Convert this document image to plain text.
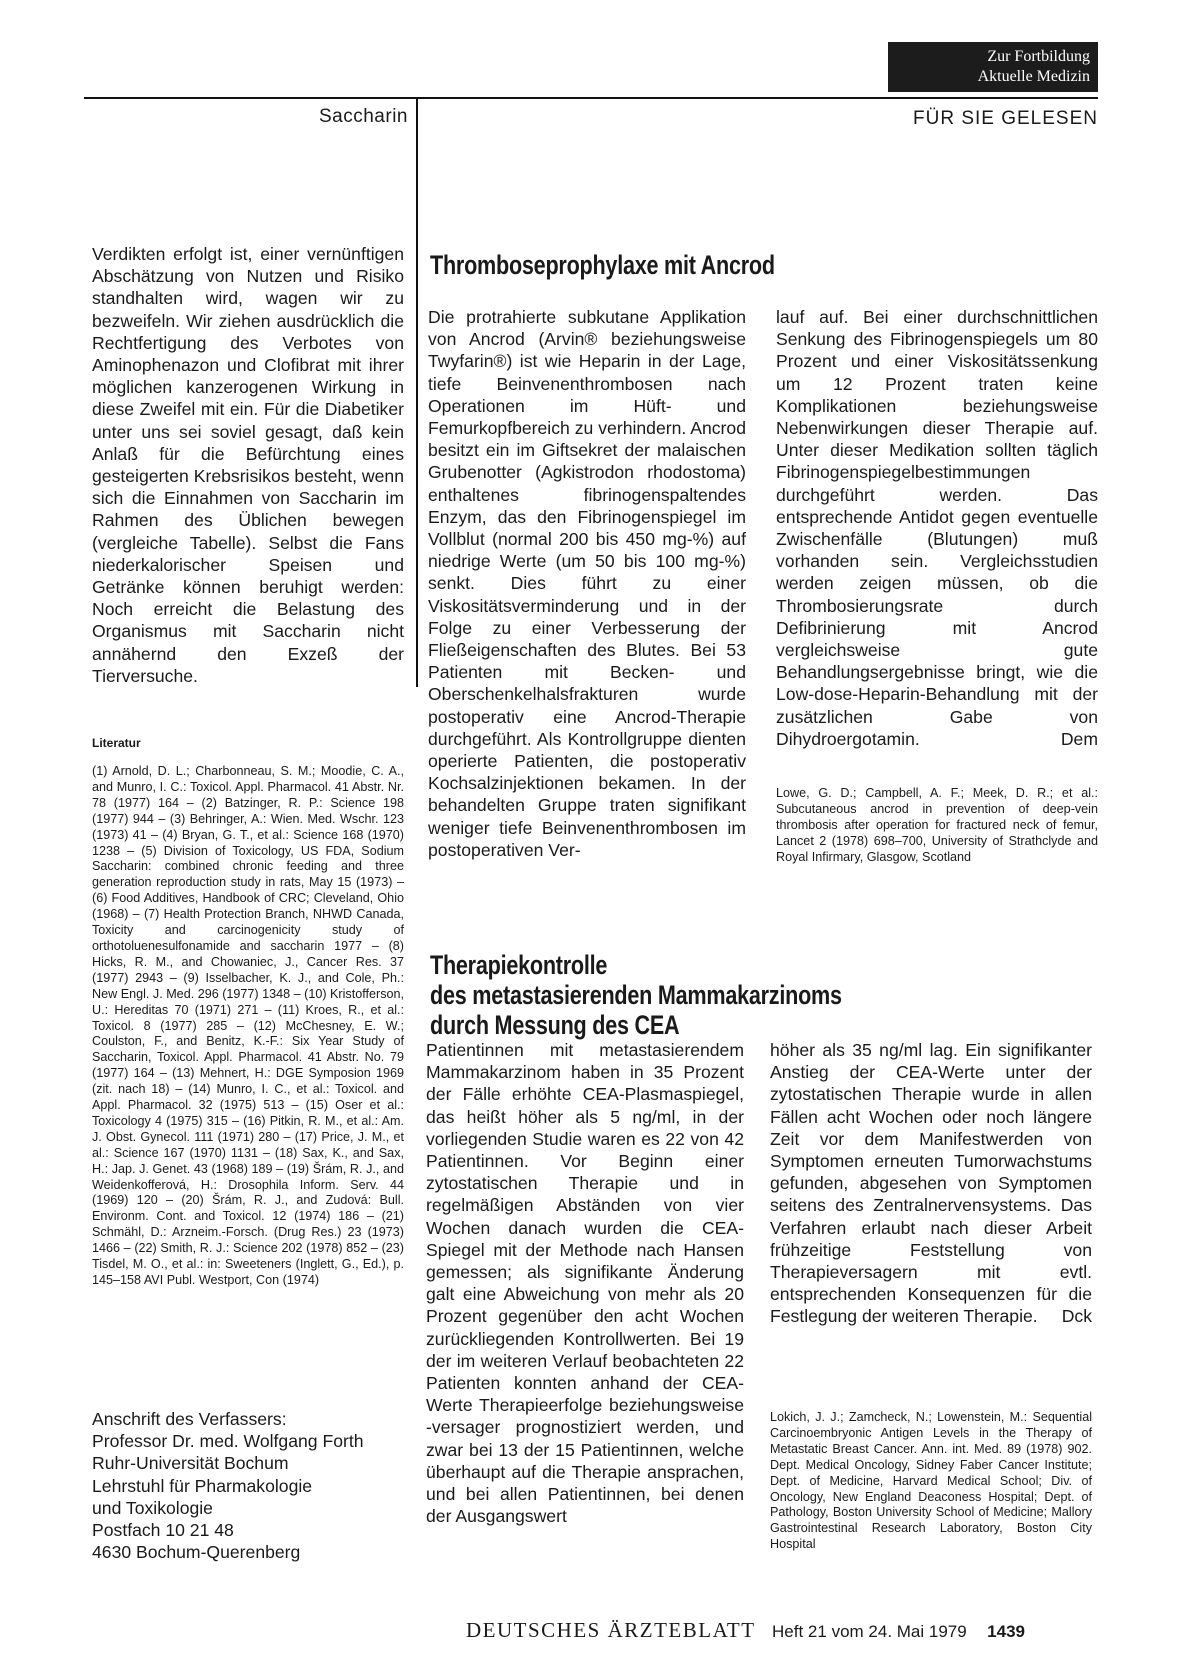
Zur Fortbildung
Aktuelle Medizin
Saccharin	FÜR SIE GELESEN
Verdikten erfolgt ist, einer vernünftigen Abschätzung von Nutzen und Risiko standhalten wird, wagen wir zu bezweifeln. Wir ziehen ausdrücklich die Rechtfertigung des Verbotes von Aminophenazon und Clofibrat mit ihrer möglichen kanzerogenen Wirkung in diese Zweifel mit ein. Für die Diabetiker unter uns sei soviel gesagt, daß kein Anlaß für die Befürchtung eines gesteigerten Krebsrisikos besteht, wenn sich die Einnahmen von Saccharin im Rahmen des Üblichen bewegen (vergleiche Tabelle). Selbst die Fans niederkalorischer Speisen und Getränke können beruhigt werden: Noch erreicht die Belastung des Organismus mit Saccharin nicht annähernd den Exzeß der Tierversuche.
Literatur
(1) Arnold, D. L.; Charbonneau, S. M.; Moodie, C. A., and Munro, I. C.: Toxicol. Appl. Pharmacol. 41 Abstr. Nr. 78 (1977) 164 – (2) Batzinger, R. P.: Science 198 (1977) 944 – (3) Behringer, A.: Wien. Med. Wschr. 123 (1973) 41 – (4) Bryan, G. T., et al.: Science 168 (1970) 1238 – (5) Division of Toxicology, US FDA, Sodium Saccharin: combined chronic feeding and three generation reproduction study in rats, May 15 (1973) – (6) Food Additives, Handbook of CRC; Cleveland, Ohio (1968) – (7) Health Protection Branch, NHWD Canada, Toxicity and carcinogenicity study of orthotoluenesulfonamide and saccharin 1977 – (8) Hicks, R. M., and Chowaniec, J., Cancer Res. 37 (1977) 2943 – (9) Isselbacher, K. J., and Cole, Ph.: New Engl. J. Med. 296 (1977) 1348 – (10) Kristofferson, U.: Hereditas 70 (1971) 271 – (11) Kroes, R., et al.: Toxicol. 8 (1977) 285 – (12) McChesney, E. W.; Coulston, F., and Benitz, K.-F.: Six Year Study of Saccharin, Toxicol. Appl. Pharmacol. 41 Abstr. No. 79 (1977) 164 – (13) Mehnert, H.: DGE Symposion 1969 (zit. nach 18) – (14) Munro, I. C., et al.: Toxicol. and Appl. Pharmacol. 32 (1975) 513 – (15) Oser et al.: Toxicology 4 (1975) 315 – (16) Pitkin, R. M., et al.: Am. J. Obst. Gynecol. 111 (1971) 280 – (17) Price, J. M., et al.: Science 167 (1970) 1131 – (18) Sax, K., and Sax, H.: Jap. J. Genet. 43 (1968) 189 – (19) Šrám, R. J., and Weidenkofferová, H.: Drosophila Inform. Serv. 44 (1969) 120 – (20) Šrám, R. J., and Zudová: Bull. Environm. Cont. and Toxicol. 12 (1974) 186 – (21) Schmähl, D.: Arzneim.-Forsch. (Drug Res.) 23 (1973) 1466 – (22) Smith, R. J.: Science 202 (1978) 852 – (23) Tisdel, M. O., et al.: in: Sweeteners (Inglett, G., Ed.), p. 145–158 AVI Publ. Westport, Con (1974)
Anschrift des Verfassers:
Professor Dr. med. Wolfgang Forth
Ruhr-Universität Bochum
Lehrstuhl für Pharmakologie
und Toxikologie
Postfach 10 21 48
4630 Bochum-Querenberg
Thromboseprophylaxe mit Ancrod
Die protrahierte subkutane Applikation von Ancrod (Arvin® beziehungsweise Twyfarin®) ist wie Heparin in der Lage, tiefe Beinvenenthrombosen nach Operationen im Hüft- und Femurkopfbereich zu verhindern. Ancrod besitzt ein im Giftsekret der malaischen Grubenotter (Agkistrodon rhodostoma) enthaltenes fibrinogenspaltendes Enzym, das den Fibrinogenspiegel im Vollblut (normal 200 bis 450 mg-%) auf niedrige Werte (um 50 bis 100 mg-%) senkt. Dies führt zu einer Viskositätsverminderung und in der Folge zu einer Verbesserung der Fließeigenschaften des Blutes. Bei 53 Patienten mit Becken- und Oberschenkelhalsfrakturen wurde postoperativ eine Ancrod-Therapie durchgeführt. Als Kontrollgruppe dienten operierte Patienten, die postoperativ Kochsalzinjektionen bekamen. In der behandelten Gruppe traten signifikant weniger tiefe Beinvenenthrombosen im postoperativen Ver-
lauf auf. Bei einer durchschnittlichen Senkung des Fibrinogenspiegels um 80 Prozent und einer Viskositätssenkung um 12 Prozent traten keine Komplikationen beziehungsweise Nebenwirkungen dieser Therapie auf. Unter dieser Medikation sollten täglich Fibrinogenspiegelbestimmungen durchgeführt werden. Das entsprechende Antidot gegen eventuelle Zwischenfälle (Blutungen) muß vorhanden sein. Vergleichsstudien werden zeigen müssen, ob die Thrombosierungsrate durch Defibrinierung mit Ancrod vergleichsweise gute Behandlungsergebnisse bringt, wie die Low-dose-Heparin-Behandlung mit der zusätzlichen Gabe von Dihydroergotamin.	Dem
Lowe, G. D.; Campbell, A. F.; Meek, D. R.; et al.: Subcutaneous ancrod in prevention of deep-vein thrombosis after operation for fractured neck of femur, Lancet 2 (1978) 698–700, University of Strathclyde and Royal Infirmary, Glasgow, Scotland
Therapiekontrolle
des metastasierenden Mammakarzinoms
durch Messung des CEA
Patientinnen mit metastasierendem Mammakarzinom haben in 35 Prozent der Fälle erhöhte CEA-Plasmaspiegel, das heißt höher als 5 ng/ml, in der vorliegenden Studie waren es 22 von 42 Patientinnen. Vor Beginn einer zytostatischen Therapie und in regelmäßigen Abständen von vier Wochen danach wurden die CEA-Spiegel mit der Methode nach Hansen gemessen; als signifikante Änderung galt eine Abweichung von mehr als 20 Prozent gegenüber den acht Wochen zurückliegenden Kontrollwerten. Bei 19 der im weiteren Verlauf beobachteten 22 Patienten konnten anhand der CEA-Werte Therapieerfolge beziehungsweise -versager prognostiziert werden, und zwar bei 13 der 15 Patientinnen, welche überhaupt auf die Therapie ansprachen, und bei allen Patientinnen, bei denen der Ausgangswert
höher als 35 ng/ml lag. Ein signifikanter Anstieg der CEA-Werte unter der zytostatischen Therapie wurde in allen Fällen acht Wochen oder noch längere Zeit vor dem Manifestwerden von Symptomen erneuten Tumorwachstums gefunden, abgesehen von Symptomen seitens des Zentralnervensystems. Das Verfahren erlaubt nach dieser Arbeit frühzeitige Feststellung von Therapieversagern mit evtl. entsprechenden Konsequenzen für die Festlegung der weiteren Therapie. Dck
Lokich, J. J.; Zamcheck, N.; Lowenstein, M.: Sequential Carcinoembryonic Antigen Levels in the Therapy of Metastatic Breast Cancer. Ann. int. Med. 89 (1978) 902. Dept. Medical Oncology, Sidney Faber Cancer Institute; Dept. of Medicine, Harvard Medical School; Div. of Oncology, New England Deaconess Hospital; Dept. of Pathology, Boston University School of Medicine; Mallory Gastrointestinal Research Laboratory, Boston City Hospital
DEUTSCHES ÄRZTEBLATT Heft 21 vom 24. Mai 1979 1439
